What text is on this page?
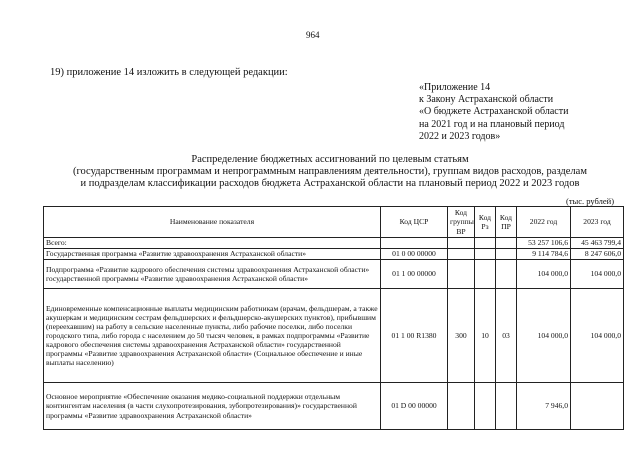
964
19) приложение 14 изложить в следующей редакции:
«Приложение 14
к Закону Астраханской области
«О бюджете Астраханской области
на 2021 год и на плановый период
2022 и 2023 годов»
Распределение бюджетных ассигнований по целевым статьям
(государственным программам и непрограммным направлениям деятельности), группам видов расходов, разделам
и подразделам классификации расходов бюджета Астраханской области на плановый период 2022 и 2023 годов
(тыс. рублей)
Наименование показателя	Код ЦСР	Код группы ВР	Код Рз	Код ПР	2022 год	2023 год
Всего:					53 257 106,6	45 463 799,4
Государственная программа «Развитие здравоохранения Астраханской области»	01 0 00 00000				9 114 784,6	8 247 606,0
Подпрограмма «Развитие кадрового обеспечения системы здравоохранения Астраханской области» государственной программы «Развитие здравоохранения Астраханской области»	01 1 00 00000				104 000,0	104 000,0
Единовременные компенсационные выплаты медицинским работникам (врачам, фельдшерам, а также акушеркам и медицинским сестрам фельдшерских и фельдшерско-акушерских пунктов), прибывшим (переехавшим) на работу в сельские населенные пункты, либо рабочие поселки, либо поселки городского типа, либо города с населением до 50 тысяч человек, в рамках подпрограммы «Развитие кадрового обеспечения системы здравоохранения Астраханской области» государственной программы «Развитие здравоохранения Астраханской области» (Социальное обеспечение и иные выплаты населению)	01 1 00 R1380	300	10	03	104 000,0	104 000,0
Основное мероприятие «Обеспечение оказания медико-социальной поддержки отдельным контингентам населения (в части слухопротезирования, зубопротезирования)» государственной программы «Развитие здравоохранения Астраханской области»	01 D 00 00000				7 946,0	
